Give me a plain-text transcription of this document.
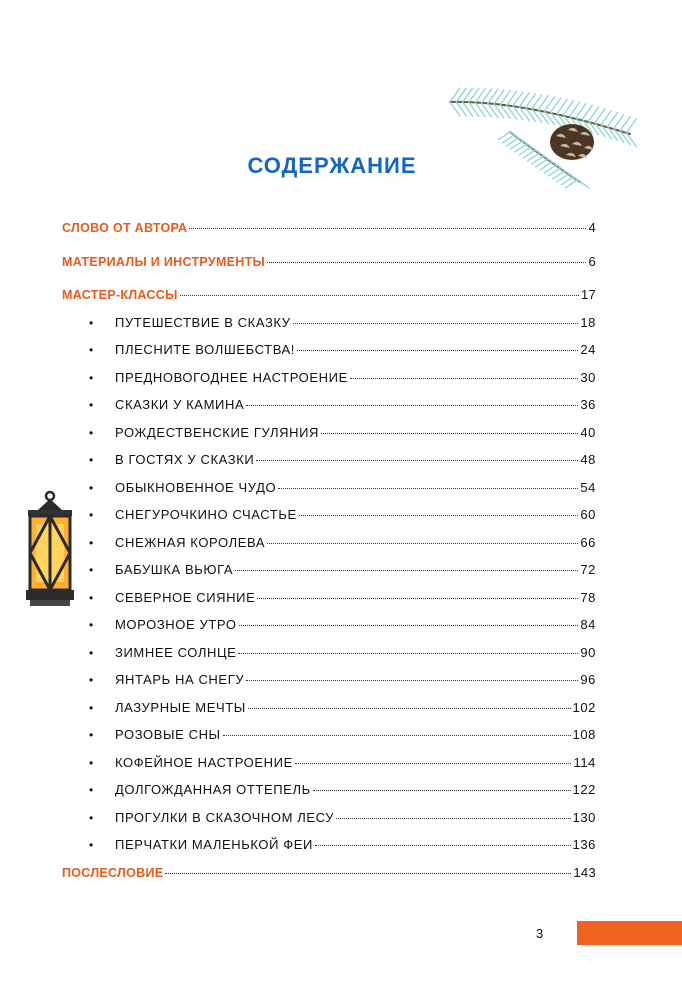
СОДЕРЖАНИЕ
СЛОВО ОТ АВТОРА	4
МАТЕРИАЛЫ И ИНСТРУМЕНТЫ	6
МАСТЕР-КЛАССЫ	17
•	ПУТЕШЕСТВИЕ В СКАЗКУ	18
•	ПЛЕСНИТЕ ВОЛШЕБСТВА!	24
•	ПРЕДНОВОГОДНЕЕ НАСТРОЕНИЕ	30
•	СКАЗКИ У КАМИНА	36
•	РОЖДЕСТВЕНСКИЕ ГУЛЯНИЯ	40
•	В ГОСТЯХ У СКАЗКИ	48
•	ОБЫКНОВЕННОЕ ЧУДО	54
•	СНЕГУРОЧКИНО СЧАСТЬЕ	60
•	СНЕЖНАЯ КОРОЛЕВА	66
•	БАБУШКА ВЬЮГА	72
•	СЕВЕРНОЕ СИЯНИЕ	78
•	МОРОЗНОЕ УТРО	84
•	ЗИМНЕЕ СОЛНЦЕ	90
•	ЯНТАРЬ НА СНЕГУ	96
•	ЛАЗУРНЫЕ МЕЧТЫ	102
•	РОЗОВЫЕ СНЫ	108
•	КОФЕЙНОЕ НАСТРОЕНИЕ	114
•	ДОЛГОЖДАННАЯ ОТТЕПЕЛЬ	122
•	ПРОГУЛКИ В СКАЗОЧНОМ ЛЕСУ	130
•	ПЕРЧАТКИ МАЛЕНЬКОЙ ФЕИ	136
ПОСЛЕСЛОВИЕ	143
3
